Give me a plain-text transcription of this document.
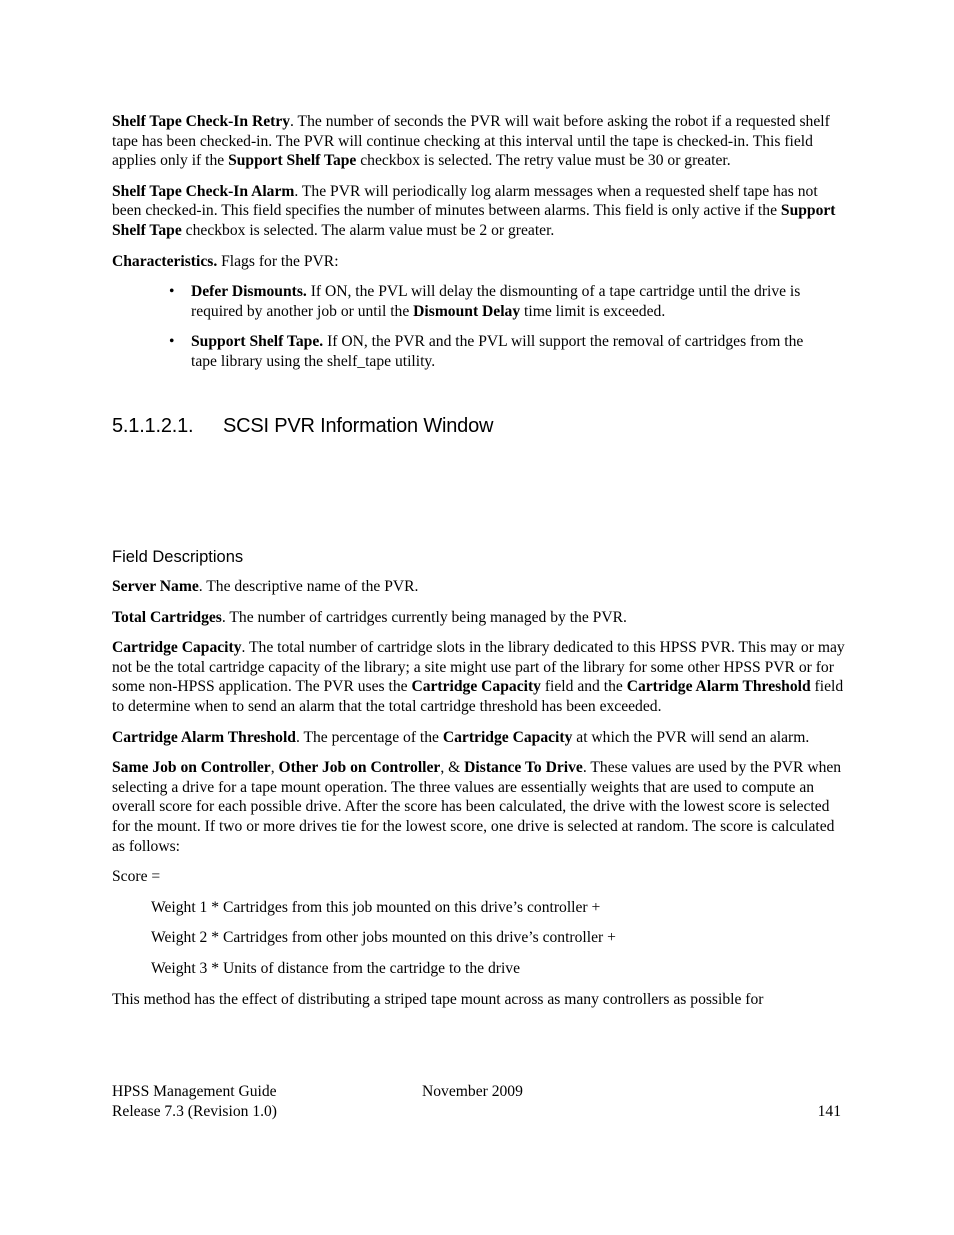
Shelf Tape Check-In Retry. The number of seconds the PVR will wait before asking the robot if a requested shelf tape has been checked-in. The PVR will continue checking at this interval until the tape is checked-in. This field applies only if the Support Shelf Tape checkbox is selected. The retry value must be 30 or greater.

Shelf Tape Check-In Alarm. The PVR will periodically log alarm messages when a requested shelf tape has not been checked-in. This field specifies the number of minutes between alarms. This field is only active if the Support Shelf Tape checkbox is selected. The alarm value must be 2 or greater.

Characteristics. Flags for the PVR:

• Defer Dismounts. If ON, the PVL will delay the dismounting of a tape cartridge until the drive is required by another job or until the Dismount Delay time limit is exceeded.
• Support Shelf Tape. If ON, the PVR and the PVL will support the removal of cartridges from the tape library using the shelf_tape utility.
5.1.1.2.1. SCSI PVR Information Window
Field Descriptions

Server Name. The descriptive name of the PVR.

Total Cartridges. The number of cartridges currently being managed by the PVR.

Cartridge Capacity. The total number of cartridge slots in the library dedicated to this HPSS PVR. This may or may not be the total cartridge capacity of the library; a site might use part of the library for some other HPSS PVR or for some non-HPSS application. The PVR uses the Cartridge Capacity field and the Cartridge Alarm Threshold field to determine when to send an alarm that the total cartridge threshold has been exceeded.

Cartridge Alarm Threshold. The percentage of the Cartridge Capacity at which the PVR will send an alarm.

Same Job on Controller, Other Job on Controller, & Distance To Drive. These values are used by the PVR when selecting a drive for a tape mount operation. The three values are essentially weights that are used to compute an overall score for each possible drive. After the score has been calculated, the drive with the lowest score is selected for the mount. If two or more drives tie for the lowest score, one drive is selected at random. The score is calculated as follows:

Score =

Weight 1 * Cartridges from this job mounted on this drive’s controller +

Weight 2 * Cartridges from other jobs mounted on this drive’s controller +

Weight 3 * Units of distance from the cartridge to the drive

This method has the effect of distributing a striped tape mount across as many controllers as possible for

HPSS Management Guide	November 2009
Release 7.3 (Revision 1.0)	141
